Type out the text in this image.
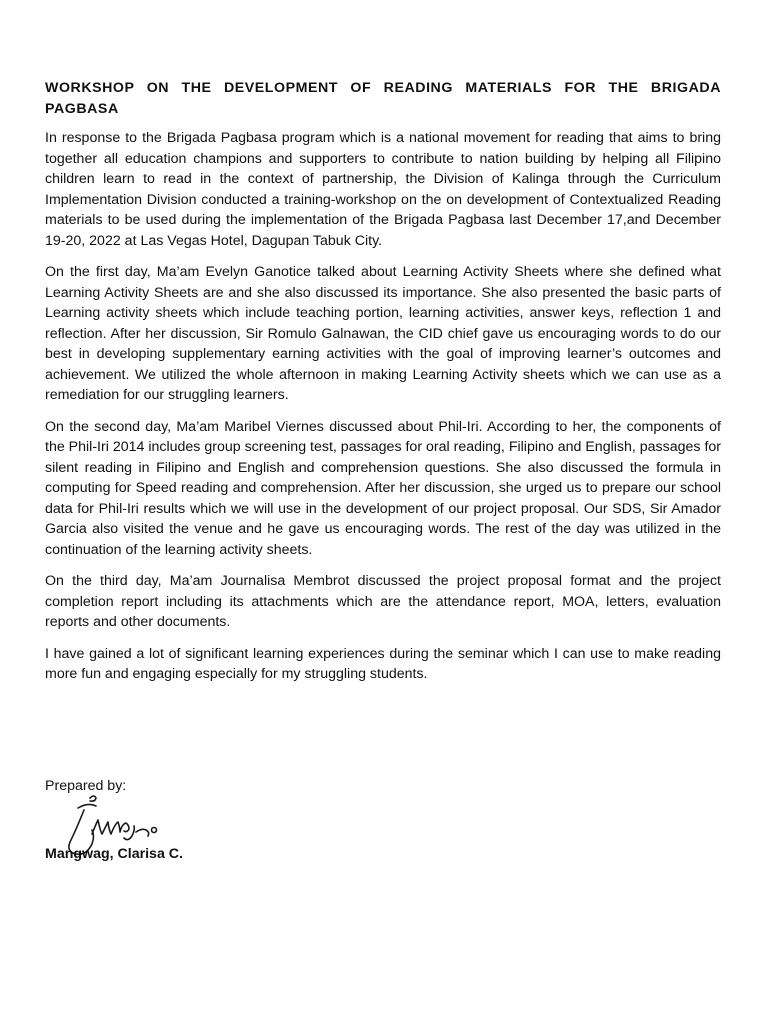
WORKSHOP ON THE DEVELOPMENT OF READING MATERIALS FOR THE BRIGADA PAGBASA

In response to the Brigada Pagbasa program which is a national movement for reading that aims to bring together all education champions and supporters to contribute to nation building by helping all Filipino children learn to read in the context of partnership, the Division of Kalinga through the Curriculum Implementation Division conducted a training-workshop on the on development of Contextualized Reading materials to be used during the implementation of the Brigada Pagbasa last December 17,and December 19-20, 2022 at Las Vegas Hotel, Dagupan Tabuk City.

On the first day, Ma’am Evelyn Ganotice talked about Learning Activity Sheets where she defined what Learning Activity Sheets are and she also discussed its importance. She also presented the basic parts of Learning activity sheets which include teaching portion, learning activities, answer keys, reflection 1 and reflection. After her discussion, Sir Romulo Galnawan, the CID chief gave us encouraging words to do our best in developing supplementary earning activities with the goal of improving learner’s outcomes and achievement. We utilized the whole afternoon in making Learning Activity sheets which we can use as a remediation for our struggling learners.

On the second day, Ma’am Maribel Viernes discussed about Phil-Iri. According to her, the components of the Phil-Iri 2014 includes group screening test, passages for oral reading, Filipino and English, passages for silent reading in Filipino and English and comprehension questions. She also discussed the formula in computing for Speed reading and comprehension. After her discussion, she urged us to prepare our school data for Phil-Iri results which we will use in the development of our project proposal. Our SDS, Sir Amador Garcia also visited the venue and he gave us encouraging words. The rest of the day was utilized in the continuation of the learning activity sheets.

On the third day, Ma’am Journalisa Membrot discussed the project proposal format and the project completion report including its attachments which are the attendance report, MOA, letters, evaluation reports and other documents.

I have gained a lot of significant learning experiences during the seminar which I can use to make reading more fun and engaging especially for my struggling students.

Prepared by:
Mangwag, Clarisa C.
